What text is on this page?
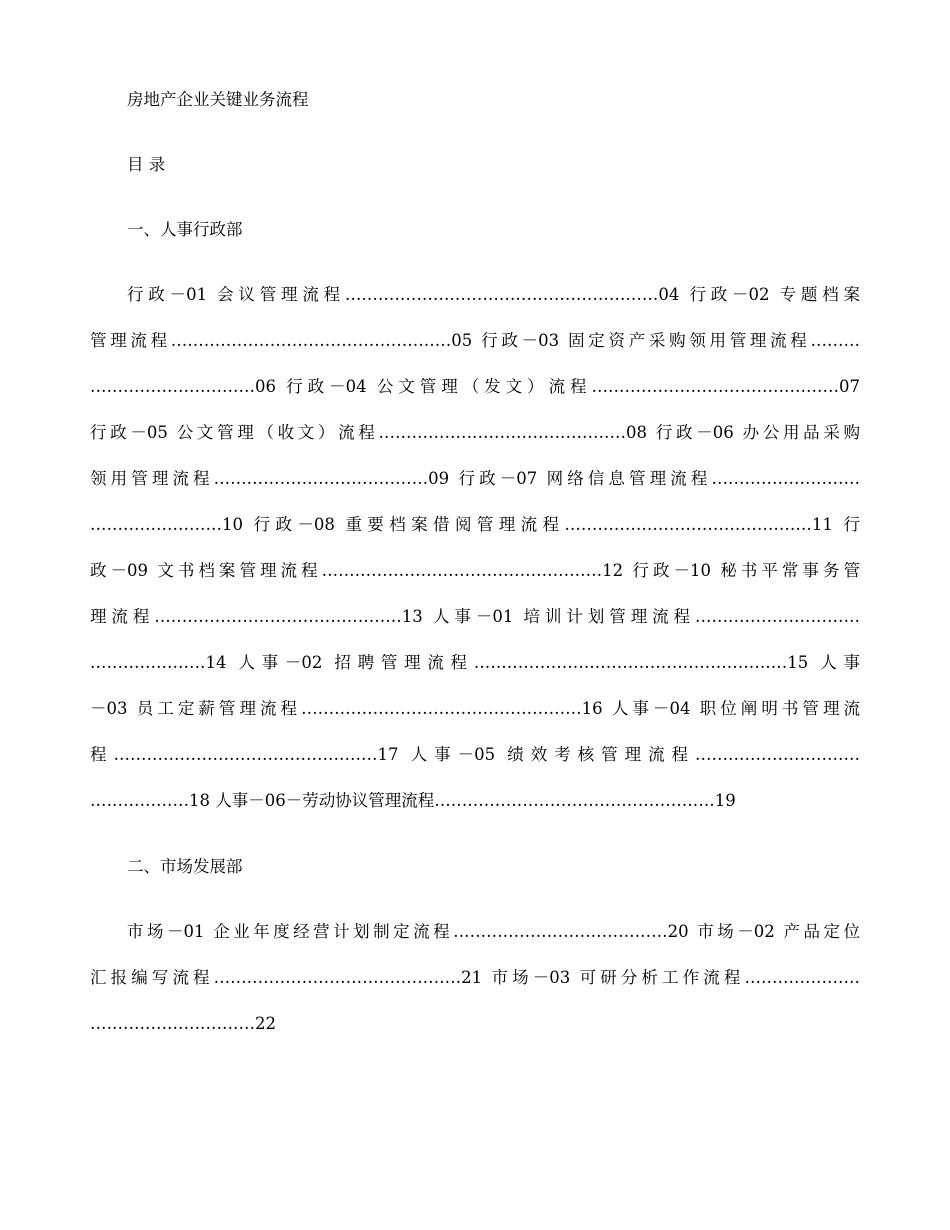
房地产企业关键业务流程
目 录
一、人事行政部
行政－01 会议管理流程…………………………………………………04 行政－02 专题档案
管理流程……………………………………………05 行政－03 固定资产采购领用管理流程………
…………………………06 行政－04 公文管理（发文）流程………………………………………07
行政－05 公文管理（收文）流程………………………………………08 行政－06 办公用品采购
领用管理流程…………………………………09 行政－07 网络信息管理流程………………………
……………………10 行政－08 重要档案借阅管理流程………………………………………11 行
政－09 文书档案管理流程……………………………………………12 行政－10 秘书平常事务管
理流程………………………………………13 人事－01 培训计划管理流程…………………………
…………………14 人事－02 招聘管理流程…………………………………………………15 人事
－03 员工定薪管理流程……………………………………………16 人事－04 职位阐明书管理流
程…………………………………………17 人事－05 绩效考核管理流程…………………………
………………18 人事－06－劳动协议管理流程……………………………………………19
二、市场发展部
市场－01 企业年度经营计划制定流程…………………………………20 市场－02 产品定位
汇报编写流程………………………………………21 市场－03 可研分析工作流程…………………
…………………………22
